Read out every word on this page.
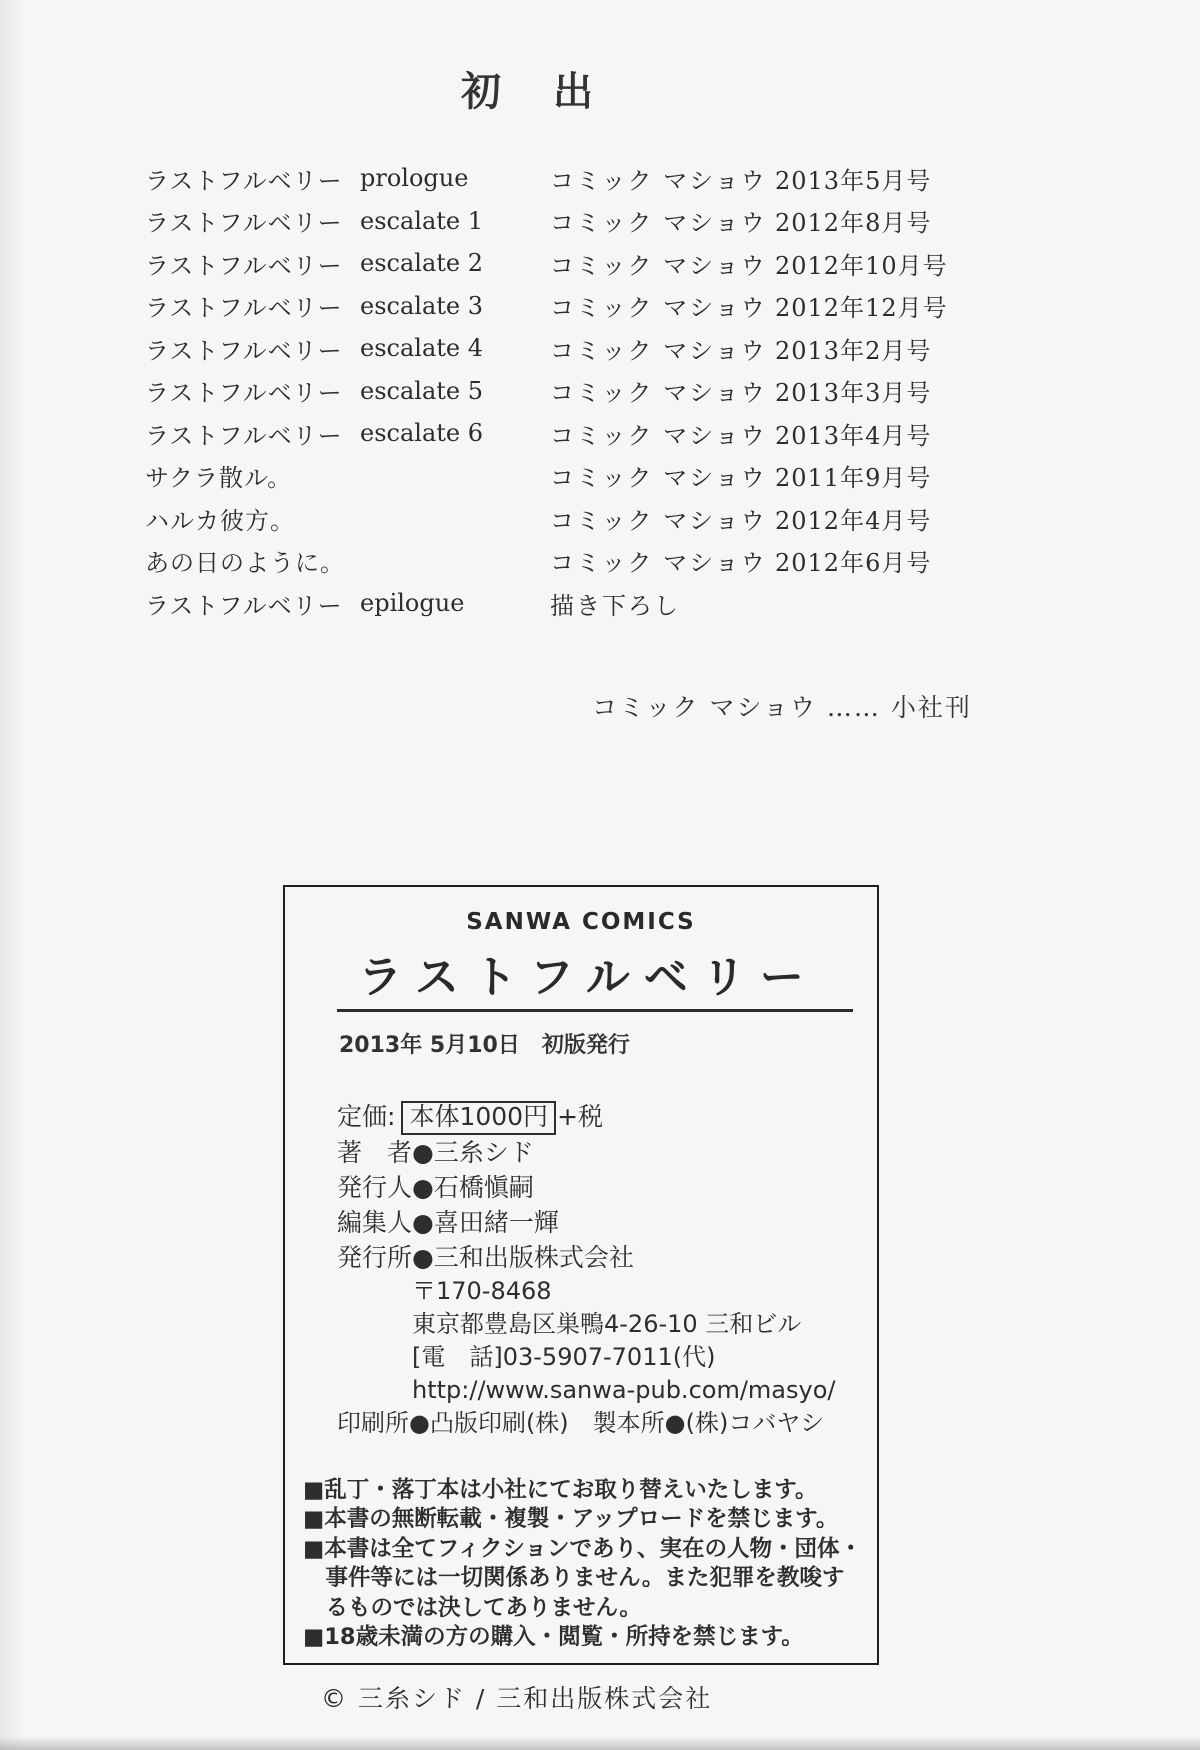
初　出
ラストフルベリー prologue	コミック マショウ 2013年5月号
ラストフルベリー escalate 1	コミック マショウ 2012年8月号
ラストフルベリー escalate 2	コミック マショウ 2012年10月号
ラストフルベリー escalate 3	コミック マショウ 2012年12月号
ラストフルベリー escalate 4	コミック マショウ 2013年2月号
ラストフルベリー escalate 5	コミック マショウ 2013年3月号
ラストフルベリー escalate 6	コミック マショウ 2013年4月号
サクラ散ル。	コミック マショウ 2011年9月号
ハルカ彼方。	コミック マショウ 2012年4月号
あの日のように。	コミック マショウ 2012年6月号
ラストフルベリー epilogue	描き下ろし

コミック マショウ …… 小社刊

SANWA COMICS
ラストフルベリー
2013年 5月10日　初版発行
定価: 本体1000円 +税
著　者●三糸シド
発行人●石橋愼嗣
編集人●喜田緒一輝
発行所●三和出版株式会社
〒170-8468
東京都豊島区巣鴨4-26-10 三和ビル
[電　話]03-5907-7011(代)
http://www.sanwa-pub.com/masyo/
印刷所●凸版印刷(株)　製本所●(株)コバヤシ

■乱丁・落丁本は小社にてお取り替えいたします。

■本書の無断転載・複製・アップロードを禁じます。

■本書は全てフィクションであり、実在の人物・団体・事件等には一切関係ありません。また犯罪を教唆するものでは決してありません。

■18歳未満の方の購入・閲覧・所持を禁じます。

© 三糸シド / 三和出版株式会社
